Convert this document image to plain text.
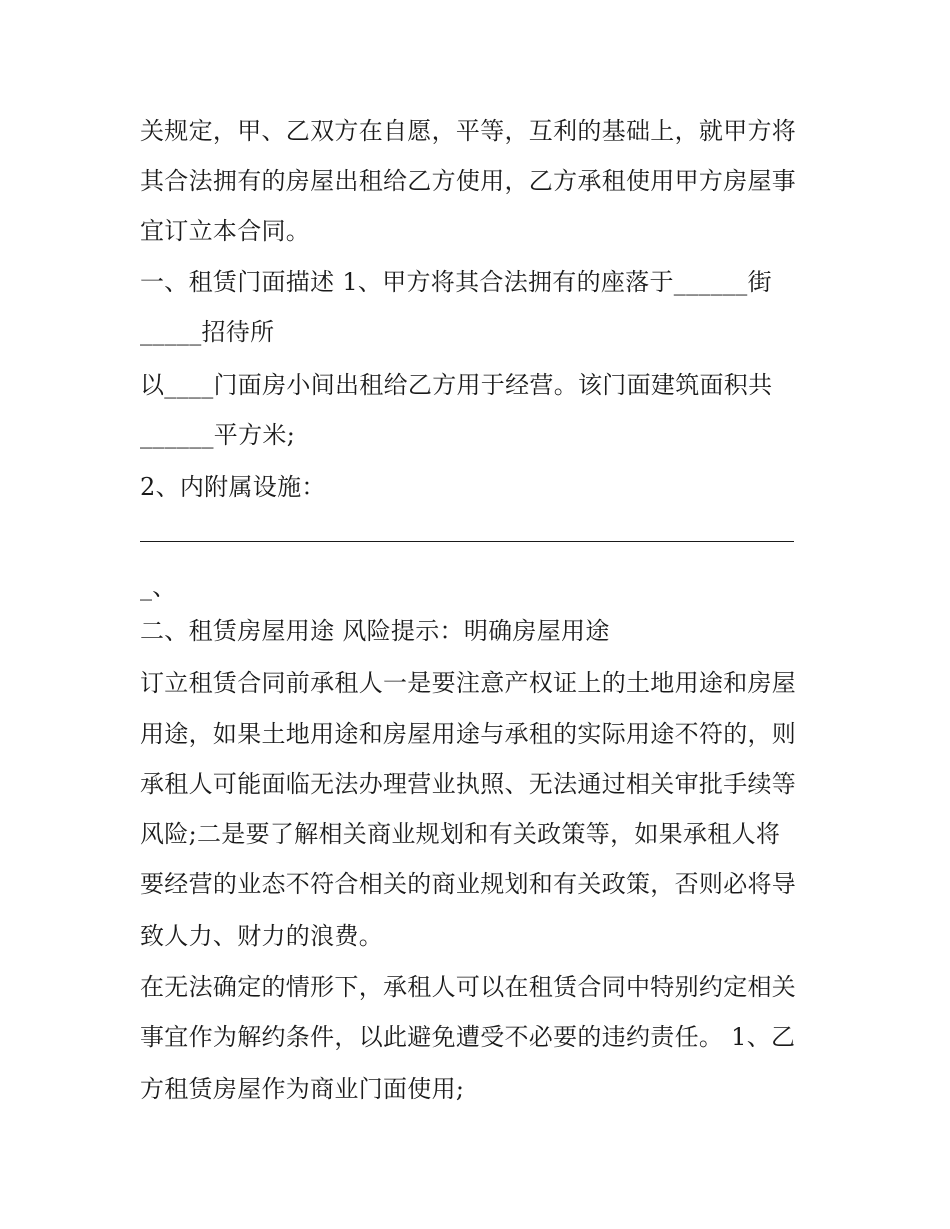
关规定，甲、乙双方在自愿，平等，互利的基础上，就甲方将
其合法拥有的房屋出租给乙方使用，乙方承租使用甲方房屋事
宜订立本合同。
一、租赁门面描述 1、甲方将其合法拥有的座落于______街
_____招待所
以____门面房小间出租给乙方用于经营。该门面建筑面积共
______平方米;
2、内附属设施：
_、
二、租赁房屋用途 风险提示：明确房屋用途
订立租赁合同前承租人一是要注意产权证上的土地用途和房屋
用途，如果土地用途和房屋用途与承租的实际用途不符的，则
承租人可能面临无法办理营业执照、无法通过相关审批手续等
风险;二是要了解相关商业规划和有关政策等，如果承租人将
要经营的业态不符合相关的商业规划和有关政策，否则必将导
致人力、财力的浪费。
在无法确定的情形下，承租人可以在租赁合同中特别约定相关
事宜作为解约条件，以此避免遭受不必要的违约责任。 1、乙
方租赁房屋作为商业门面使用;
